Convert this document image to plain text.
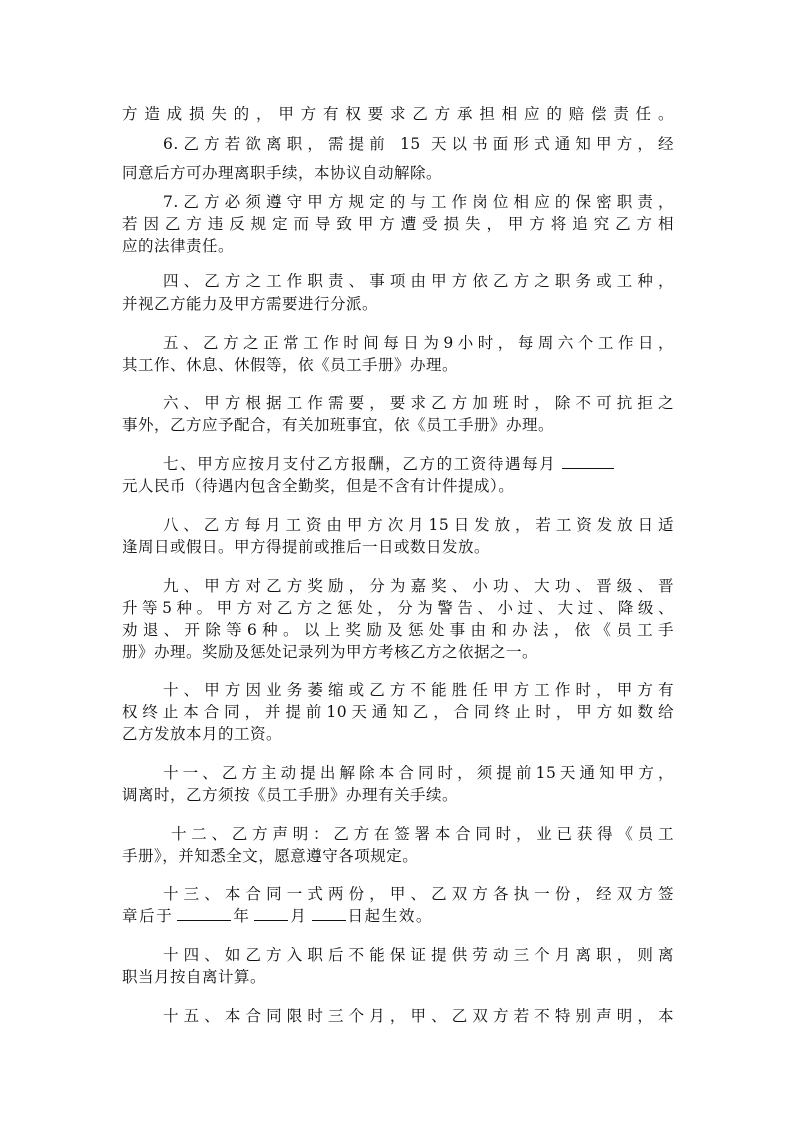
方造成损失的，甲方有权要求乙方承担相应的赔偿责任。
6.乙方若欲离职，需提前 15 天以书面形式通知甲方，经
同意后方可办理离职手续，本协议自动解除。
7.乙方必须遵守甲方规定的与工作岗位相应的保密职责，
若因乙方违反规定而导致甲方遭受损失，甲方将追究乙方相
应的法律责任。
四、乙方之工作职责、事项由甲方依乙方之职务或工种，
并视乙方能力及甲方需要进行分派。
五、乙方之正常工作时间每日为9小时，每周六个工作日，
其工作、休息、休假等，依《员工手册》办理。
六、甲方根据工作需要，要求乙方加班时，除不可抗拒之
事外，乙方应予配合，有关加班事宜，依《员工手册》办理。
七、甲方应按月支付乙方报酬，乙方的工资待遇每月
元人民币（待遇内包含全勤奖，但是不含有计件提成）。
八、乙方每月工资由甲方次月15日发放，若工资发放日适
逢周日或假日。甲方得提前或推后一日或数日发放。
九、甲方对乙方奖励，分为嘉奖、小功、大功、晋级、晋
升等5种。甲方对乙方之惩处，分为警告、小过、大过、降级、
劝退、开除等6种。以上奖励及惩处事由和办法，依《员工手
册》办理。奖励及惩处记录列为甲方考核乙方之依据之一。
十、甲方因业务萎缩或乙方不能胜任甲方工作时，甲方有
权终止本合同，并提前10天通知乙，合同终止时，甲方如数给
乙方发放本月的工资。
十一、乙方主动提出解除本合同时，须提前15天通知甲方，
调离时，乙方须按《员工手册》办理有关手续。
十二、乙方声明：乙方在签署本合同时，业已获得《员工
手册》，并知悉全文，愿意遵守各项规定。
十三、本合同一式两份，甲、乙双方各执一份，经双方签
章后于	年	月	日起生效。
十四、如乙方入职后不能保证提供劳动三个月离职，则离
职当月按自离计算。
十五、本合同限时三个月，甲、乙双方若不特别声明，本
